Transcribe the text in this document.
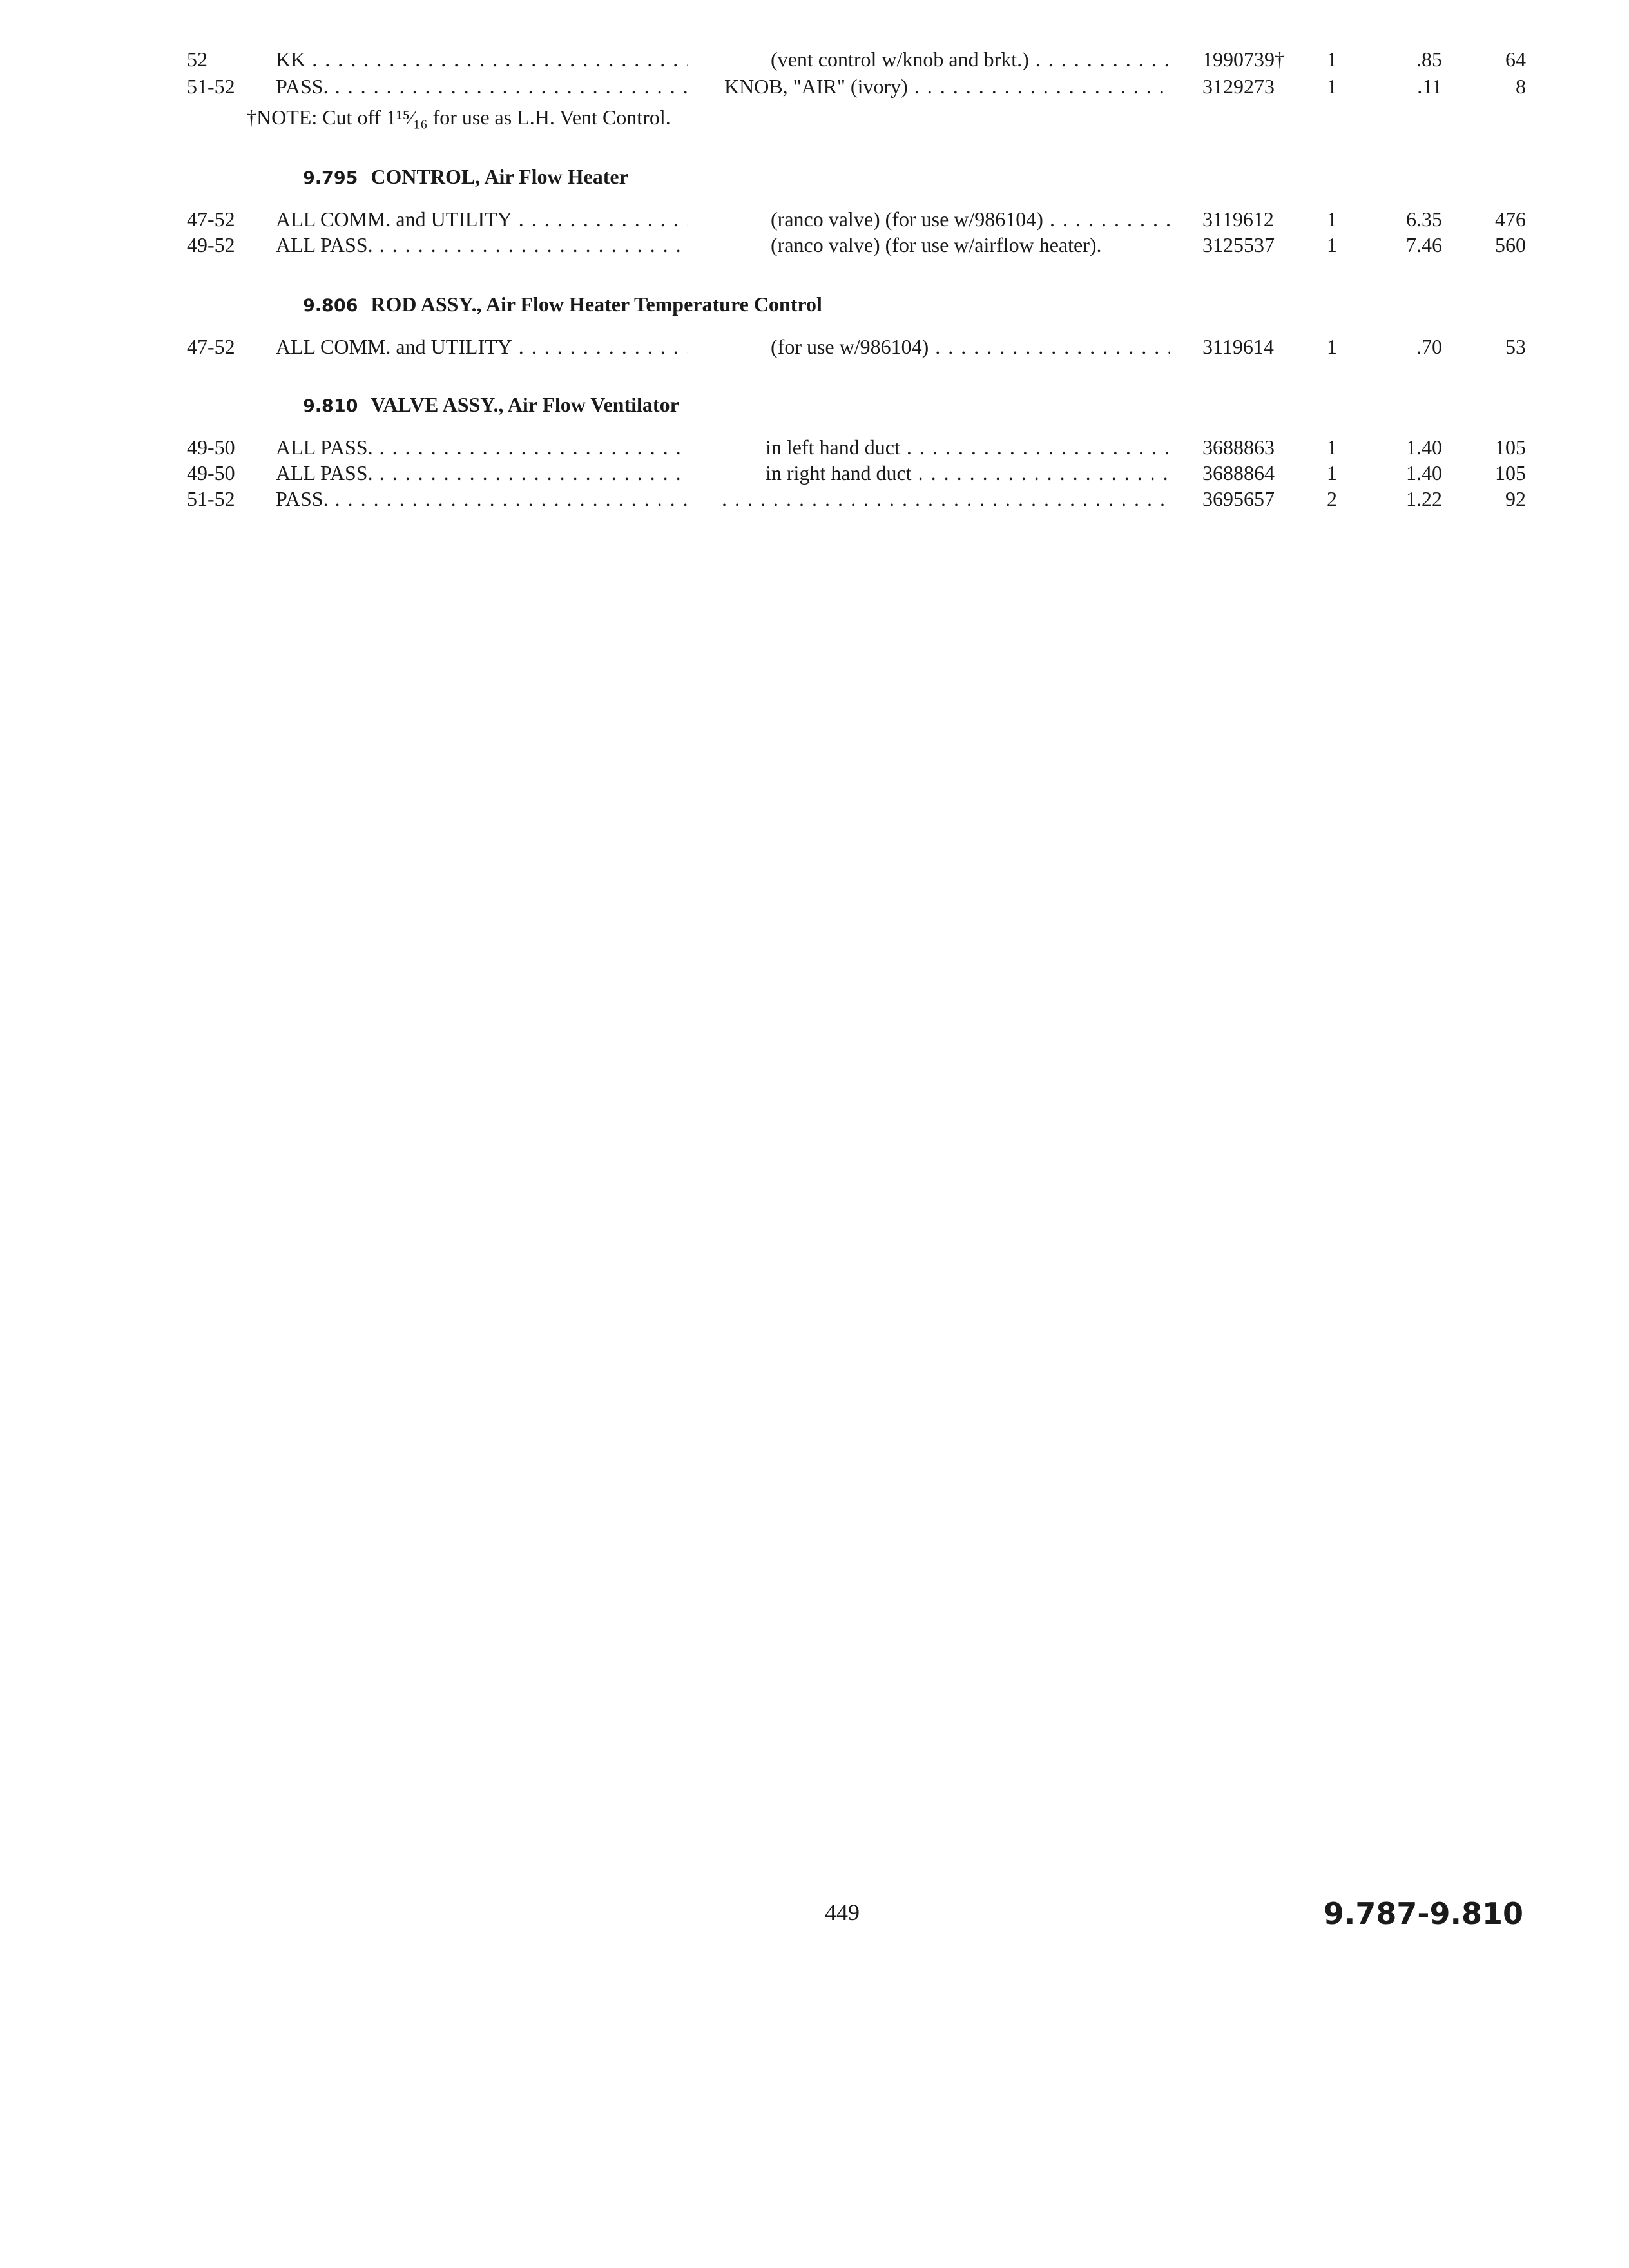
52	KK . . .	(vent control w/knob and brkt.) . . .	1990739† 1	.85	64
51-52 PASS. . . .	KNOB, "AIR" (ivory) . . .	3129273	1	.11	8
†NOTE: Cut off 1¹⁵⁄₁₆ for use as L.H. Vent Control.
9.795 CONTROL, Air Flow Heater
47-52 ALL COMM. and UTILITY . . .	(ranco valve) (for use w/986104) . . .	3119612	1	6.35	476
49-52 ALL PASS. . . .	(ranco valve) (for use w/airflow heater).	3125537	1	7.46	560
9.806 ROD ASSY., Air Flow Heater Temperature Control
47-52 ALL COMM. and UTILITY . . .	(for use w/986104) . . .	3119614	1	.70	53
9.810 VALVE ASSY., Air Flow Ventilator
49-50 ALL PASS. . . .	in left hand duct . . .	3688863	1	1.40	105
49-50 ALL PASS. . . .	in right hand duct . . .	3688864	1	1.40	105
51-52 PASS. . . .
. . .	3695657	2	1.22	92
449	9.787-9.810
